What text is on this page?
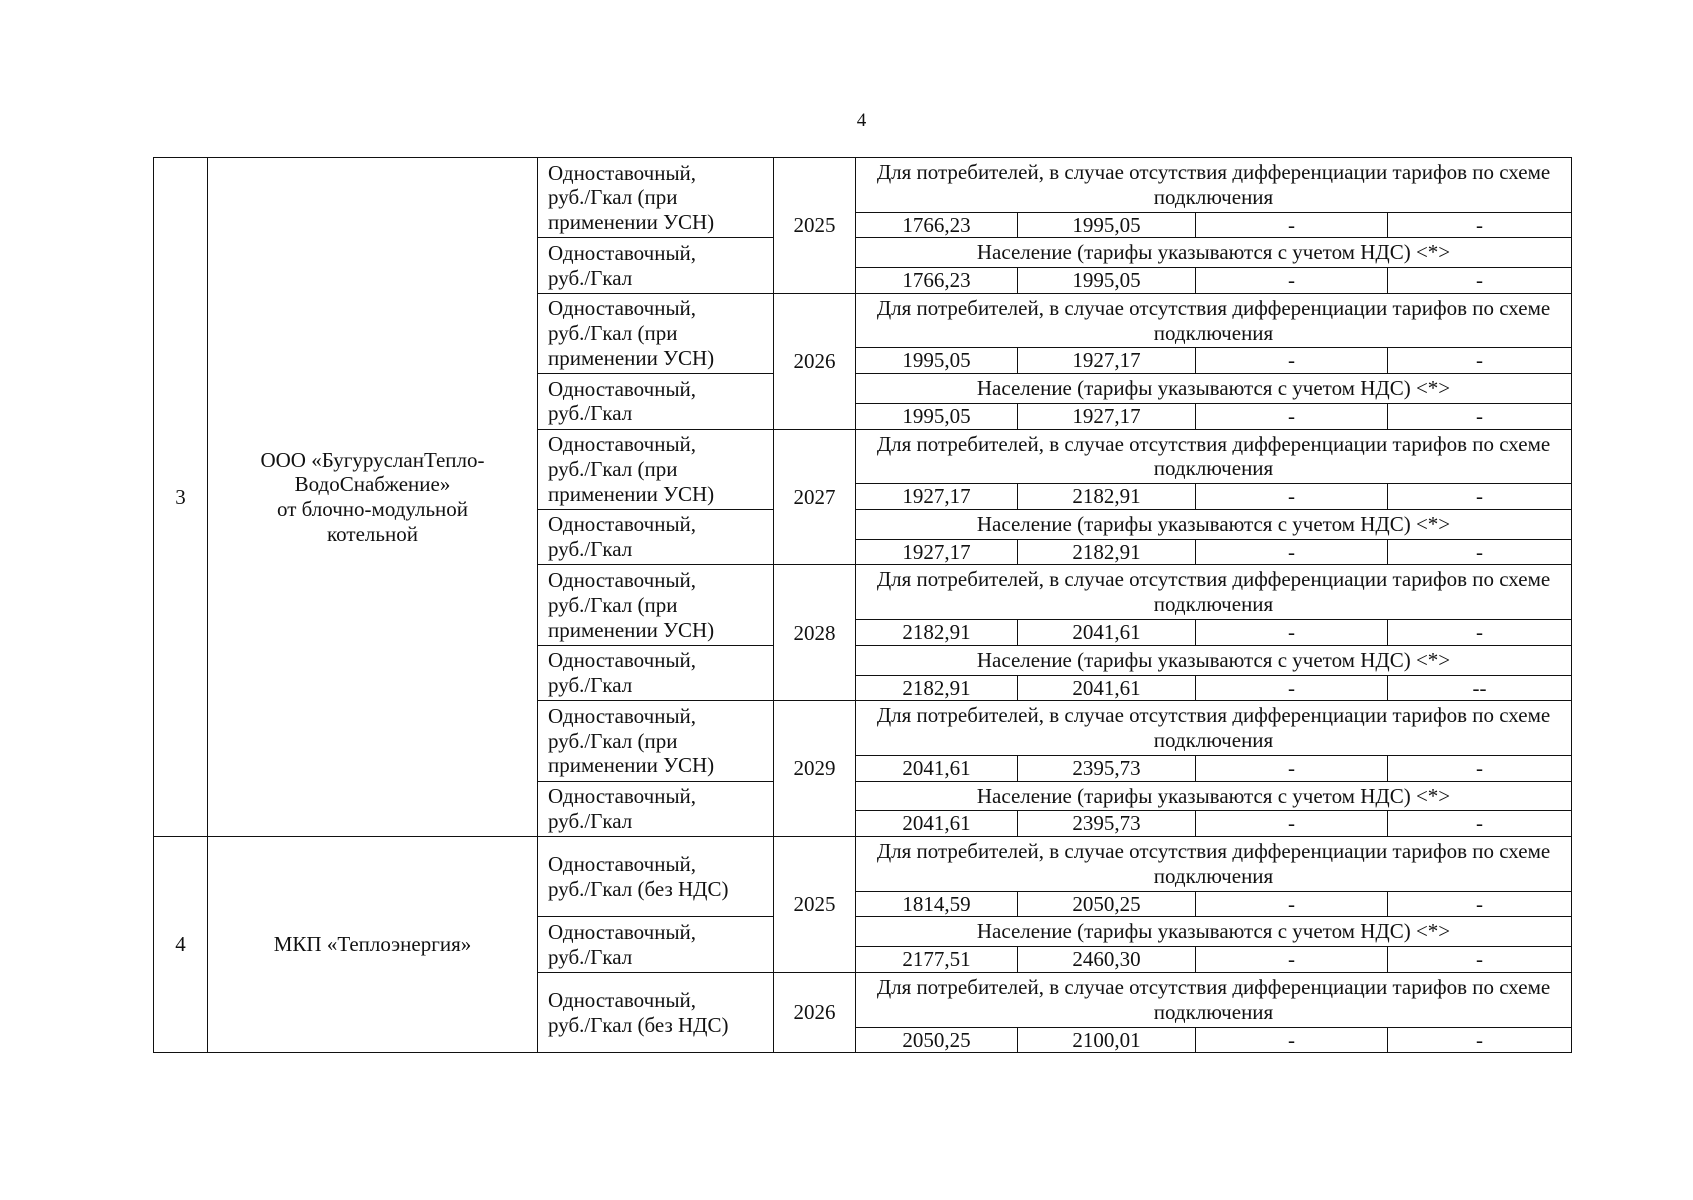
4
3	ООО «БугурусланТепло-
ВодоСнабжение»
от блочно-модульной
котельной	Одноставочный,
руб./Гкал (при
применении УСН)	2025	Для потребителей, в случае отсутствия дифференциации тарифов по схеме подключения			
				1766,23	1995,05	-	-
		Одноставочный,
руб./Гкал		Население (тарифы указываются с учетом НДС) <*>			
				1766,23	1995,05	-	-
		Одноставочный,
руб./Гкал (при
применении УСН)	2026	Для потребителей, в случае отсутствия дифференциации тарифов по схеме подключения			
				1995,05	1927,17	-	-
		Одноставочный,
руб./Гкал		Население (тарифы указываются с учетом НДС) <*>			
				1995,05	1927,17	-	-
		Одноставочный,
руб./Гкал (при
применении УСН)	2027	Для потребителей, в случае отсутствия дифференциации тарифов по схеме подключения			
				1927,17	2182,91	-	-
		Одноставочный,
руб./Гкал		Население (тарифы указываются с учетом НДС) <*>			
				1927,17	2182,91	-	-
		Одноставочный,
руб./Гкал (при
применении УСН)	2028	Для потребителей, в случае отсутствия дифференциации тарифов по схеме подключения			
				2182,91	2041,61	-	-
		Одноставочный,
руб./Гкал		Население (тарифы указываются с учетом НДС) <*>			
				2182,91	2041,61	-	--
		Одноставочный,
руб./Гкал (при
применении УСН)	2029	Для потребителей, в случае отсутствия дифференциации тарифов по схеме подключения			
				2041,61	2395,73	-	-
		Одноставочный,
руб./Гкал		Население (тарифы указываются с учетом НДС) <*>			
				2041,61	2395,73	-	-
4	МКП «Теплоэнергия»	Одноставочный,
руб./Гкал (без НДС)	2025	Для потребителей, в случае отсутствия дифференциации тарифов по схеме подключения			
				1814,59	2050,25	-	-
		Одноставочный,
руб./Гкал		Население (тарифы указываются с учетом НДС) <*>			
				2177,51	2460,30	-	-
		Одноставочный,
руб./Гкал (без НДС)	2026	Для потребителей, в случае отсутствия дифференциации тарифов по схеме подключения			
				2050,25	2100,01	-	-
